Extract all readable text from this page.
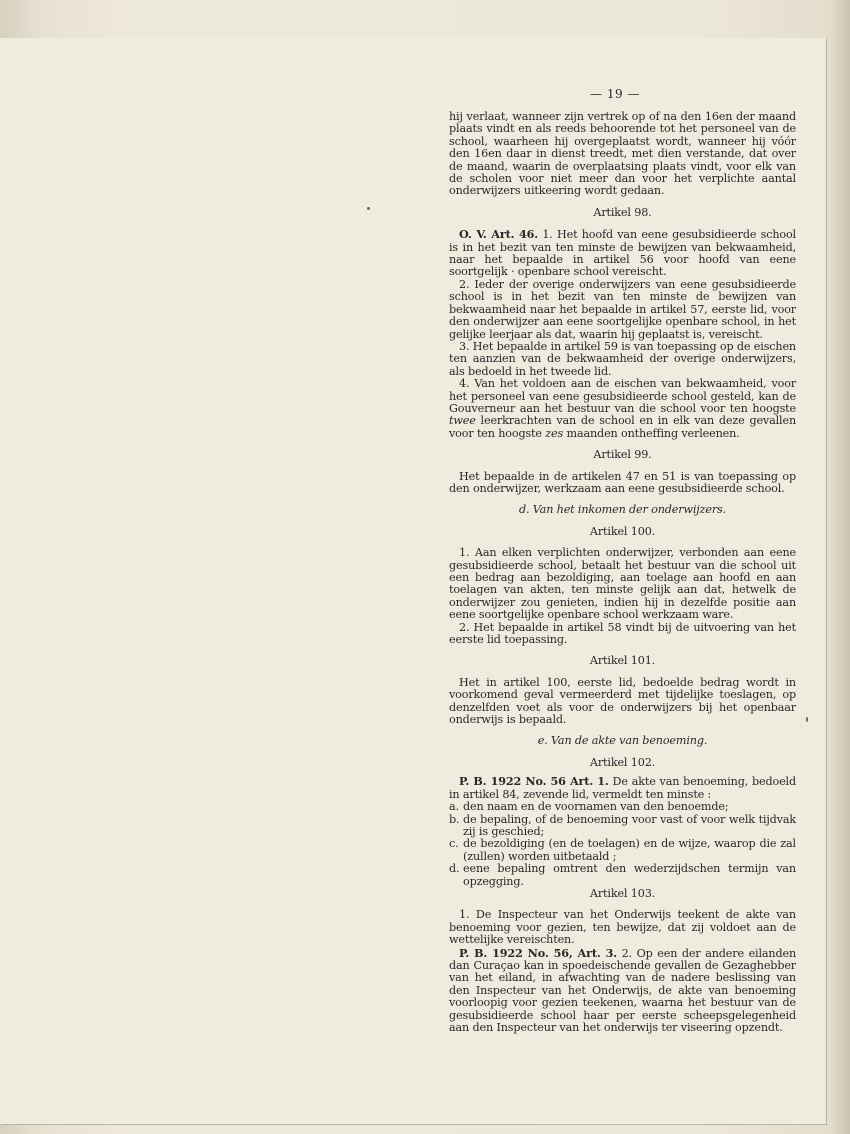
— 19 —

hij verlaat, wanneer zijn vertrek op of na den 16en der maand plaats vindt en als reeds behoorende tot het personeel van de school, waarheen hij overgeplaatst wordt, wanneer hij vóór den 16en daar in dienst treedt, met dien verstande, dat over de maand, waarin de overplaatsing plaats vindt, voor elk van de scholen voor niet meer dan voor het verplichte aantal onderwijzers uitkeering wordt gedaan.

Artikel 98.

O. V. Art. 46. 1. Het hoofd van eene gesubsidieerde school is in het bezit van ten minste de bewijzen van bekwaamheid, naar het bepaalde in artikel 56 voor hoofd van eene soortgelijk · openbare school vereischt.

2. Ieder der overige onderwijzers van eene gesubsidieerde school is in het bezit van ten minste de bewijzen van bekwaamheid naar het bepaalde in artikel 57, eerste lid, voor den onderwijzer aan eene soortgelijke openbare school, in het gelijke leerjaar als dat, waarin hij geplaatst is, vereischt.

3. Het bepaalde in artikel 59 is van toepassing op de eischen ten aanzien van de bekwaamheid der overige onderwijzers, als bedoeld in het tweede lid.

4. Van het voldoen aan de eischen van bekwaamheid, voor het personeel van eene gesubsidieerde school gesteld, kan de Gouverneur aan het bestuur van die school voor ten hoogste twee leerkrachten van de school en in elk van deze gevallen voor ten hoogste zes maanden ontheffing verleenen.

Artikel 99.

Het bepaalde in de artikelen 47 en 51 is van toepassing op den onderwijzer, werkzaam aan eene gesubsidieerde school.

d. Van het inkomen der onderwijzers.

Artikel 100.

1. Aan elken verplichten onderwijzer, verbonden aan eene gesubsidieerde school, betaalt het bestuur van die school uit een bedrag aan bezoldiging, aan toelage aan hoofd en aan toelagen van akten, ten minste gelijk aan dat, hetwelk de onderwijzer zou genieten, indien hij in dezelfde positie aan eene soortgelijke openbare school werkzaam ware.

2. Het bepaalde in artikel 58 vindt bij de uitvoering van het eerste lid toepassing.

Artikel 101.

Het in artikel 100, eerste lid, bedoelde bedrag wordt in voorkomend geval vermeerderd met tijdelijke toeslagen, op denzelfden voet als voor de onderwijzers bij het openbaar onderwijs is bepaald.

e. Van de akte van benoeming.

Artikel 102.

P. B. 1922 No. 56 Art. 1. De akte van benoeming, bedoeld in artikel 84, zevende lid, vermeldt ten minste :

a. den naam en de voornamen van den benoemde;
b. de bepaling, of de benoeming voor vast of voor welk tijdvak zij is geschied;
c. de bezoldiging (en de toelagen) en de wijze, waarop die zal (zullen) worden uitbetaald ;
d. eene bepaling omtrent den wederzijdschen termijn van opzegging.

Artikel 103.

1. De Inspecteur van het Onderwijs teekent de akte van benoeming voor gezien, ten bewijze, dat zij voldoet aan de wettelijke vereischten.

P. B. 1922 No. 56, Art. 3. 2. Op een der andere eilanden dan Curaçao kan in spoedeischende gevallen de Gezaghebber van het eiland, in afwachting van de nadere beslissing van den Inspecteur van het Onderwijs, de akte van benoeming voorloopig voor gezien teekenen, waarna het bestuur van de gesubsidieerde school haar per eerste scheepsgelegenheid aan den Inspecteur van het onderwijs ter viseering opzendt.
